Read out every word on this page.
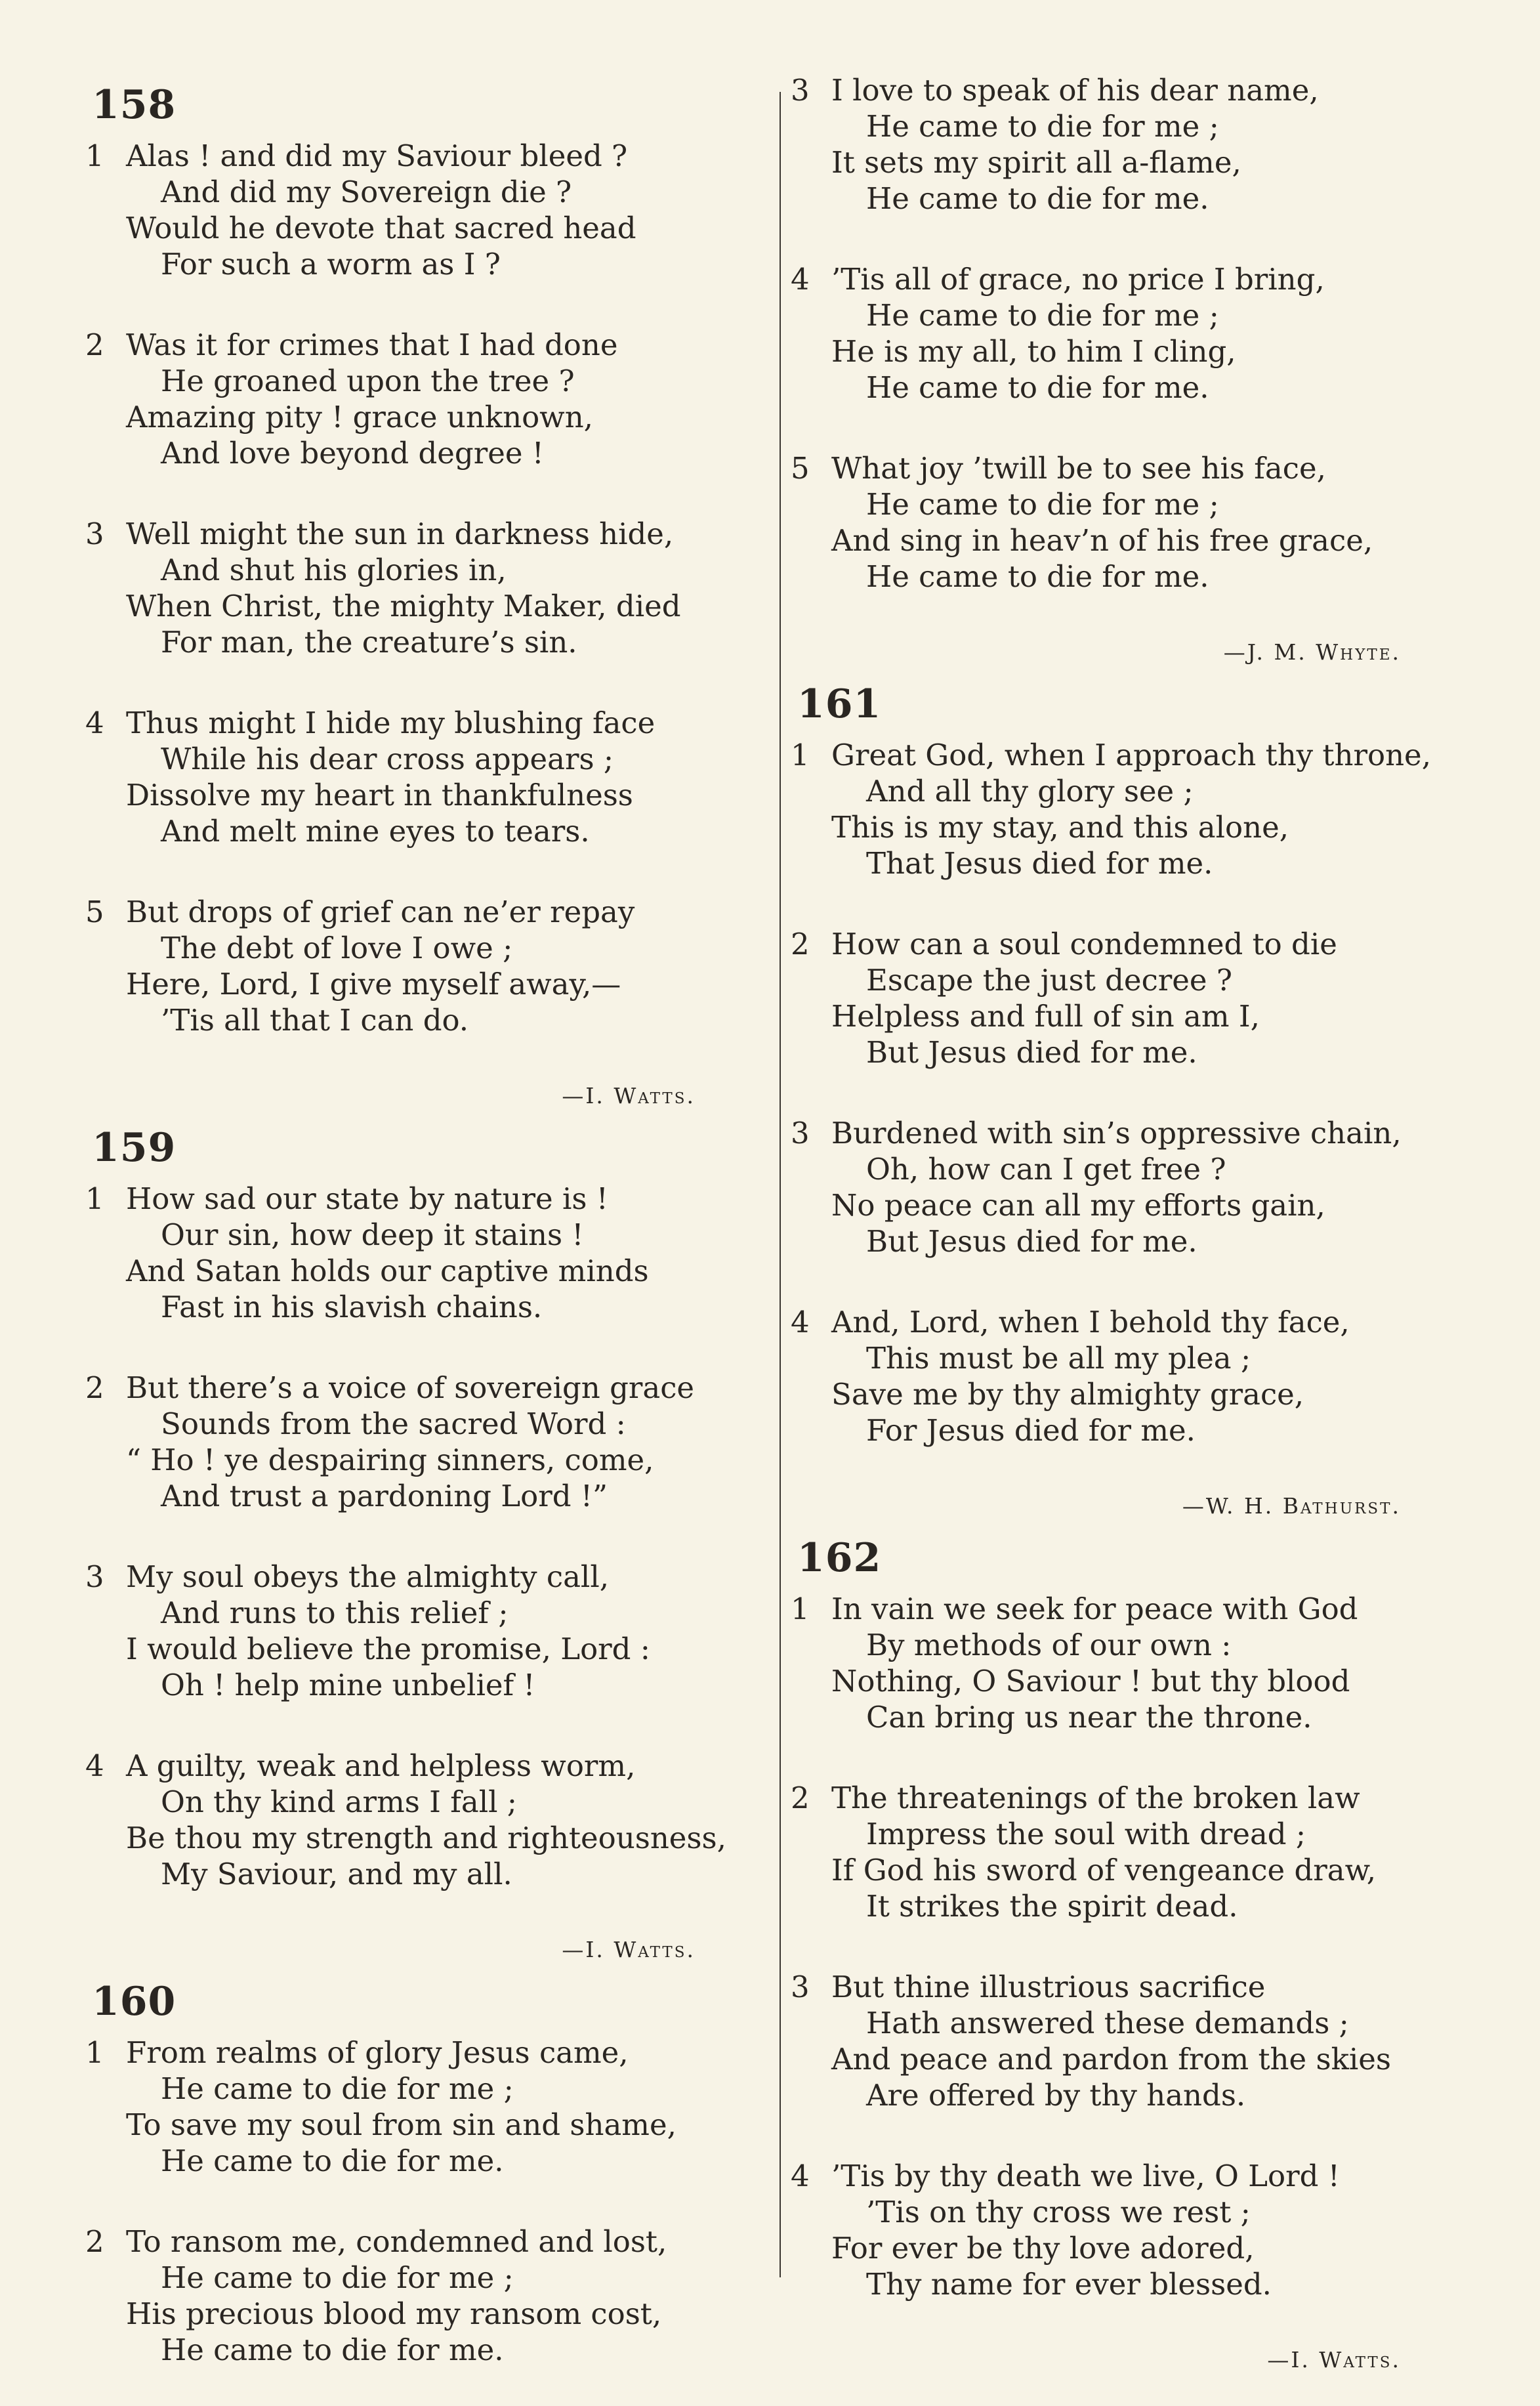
158
1 Alas ! and did my Saviour bleed ?
And did my Sovereign die ?
Would he devote that sacred head
For such a worm as I ?
2 Was it for crimes that I had done
He groaned upon the tree ?
Amazing pity ! grace unknown,
And love beyond degree !
3 Well might the sun in darkness hide,
And shut his glories in,
When Christ, the mighty Maker, died
For man, the creature’s sin.
4 Thus might I hide my blushing face
While his dear cross appears ;
Dissolve my heart in thankfulness
And melt mine eyes to tears.
5 But drops of grief can ne’er repay
The debt of love I owe ;
Here, Lord, I give myself away,—
’Tis all that I can do.
—I. Watts.
159
1 How sad our state by nature is !
Our sin, how deep it stains !
And Satan holds our captive minds
Fast in his slavish chains.
2 But there’s a voice of sovereign grace
Sounds from the sacred Word :
“ Ho ! ye despairing sinners, come,
And trust a pardoning Lord !”
3 My soul obeys the almighty call,
And runs to this relief ;
I would believe the promise, Lord :
Oh ! help mine unbelief !
4 A guilty, weak and helpless worm,
On thy kind arms I fall ;
Be thou my strength and righteousness,
My Saviour, and my all.
—I. Watts.
160
1 From realms of glory Jesus came,
He came to die for me ;
To save my soul from sin and shame,
He came to die for me.
2 To ransom me, condemned and lost,
He came to die for me ;
His precious blood my ransom cost,
He came to die for me.
3 I love to speak of his dear name,
He came to die for me ;
It sets my spirit all a-flame,
He came to die for me.
4 ’Tis all of grace, no price I bring,
He came to die for me ;
He is my all, to him I cling,
He came to die for me.
5 What joy ’twill be to see his face,
He came to die for me ;
And sing in heav’n of his free grace,
He came to die for me.
—J. M. Whyte.
161
1 Great God, when I approach thy throne,
And all thy glory see ;
This is my stay, and this alone,
That Jesus died for me.
2 How can a soul condemned to die
Escape the just decree ?
Helpless and full of sin am I,
But Jesus died for me.
3 Burdened with sin’s oppressive chain,
Oh, how can I get free ?
No peace can all my efforts gain,
But Jesus died for me.
4 And, Lord, when I behold thy face,
This must be all my plea ;
Save me by thy almighty grace,
For Jesus died for me.
—W. H. Bathurst.
162
1 In vain we seek for peace with God
By methods of our own :
Nothing, O Saviour ! but thy blood
Can bring us near the throne.
2 The threatenings of the broken law
Impress the soul with dread ;
If God his sword of vengeance draw,
It strikes the spirit dead.
3 But thine illustrious sacrifice
Hath answered these demands ;
And peace and pardon from the skies
Are offered by thy hands.
4 ’Tis by thy death we live, O Lord !
’Tis on thy cross we rest ;
For ever be thy love adored,
Thy name for ever blessed.
—I. Watts.
